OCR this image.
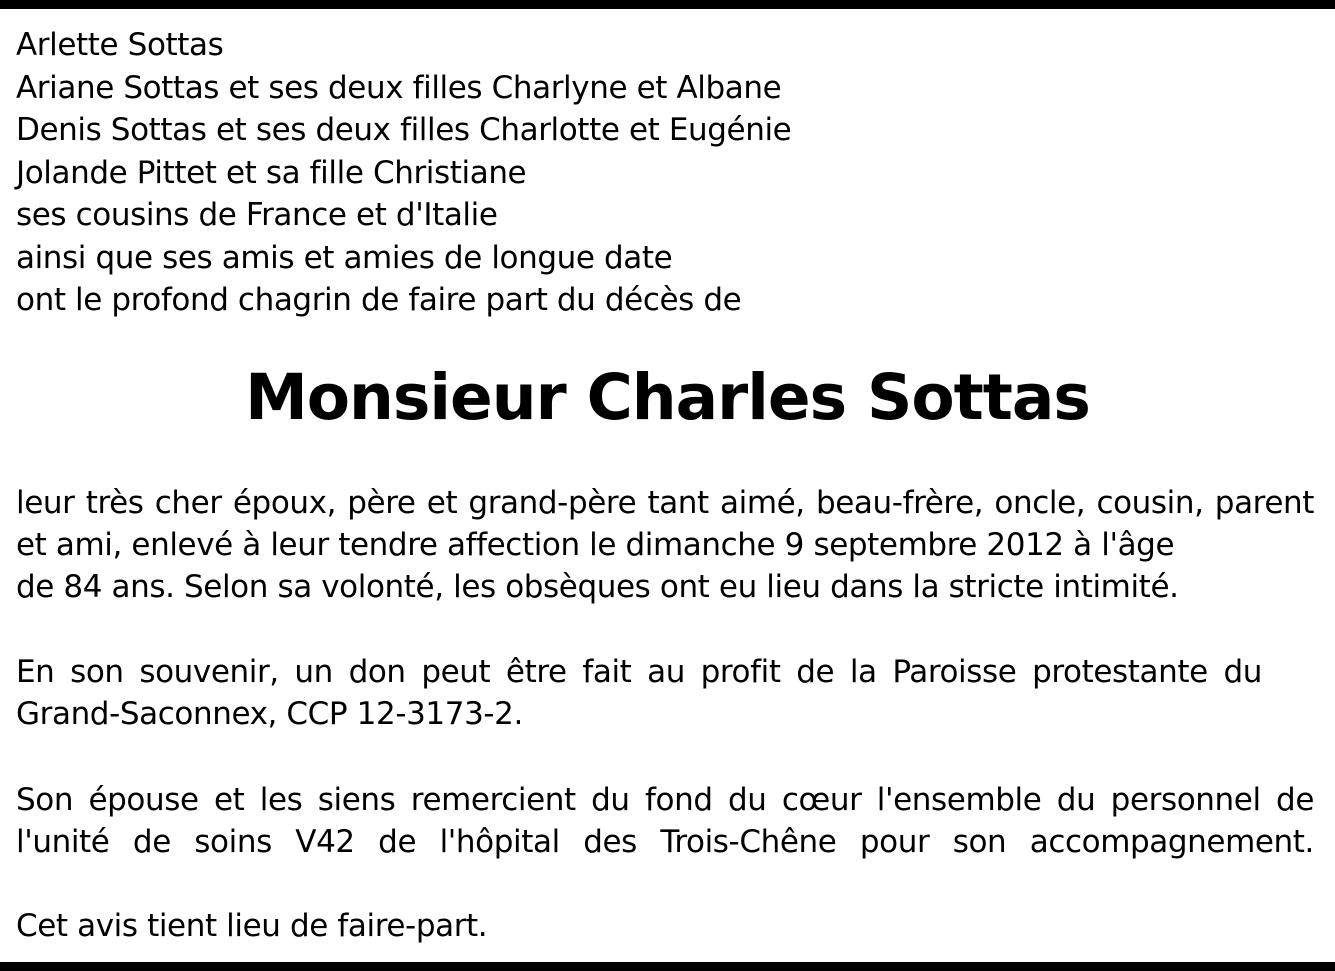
Arlette Sottas
Ariane Sottas et ses deux filles Charlyne et Albane
Denis Sottas et ses deux filles Charlotte et Eugénie
Jolande Pittet et sa fille Christiane
ses cousins de France et d'Italie
ainsi que ses amis et amies de longue date
ont le profond chagrin de faire part du décès de
Monsieur Charles Sottas
leur très cher époux, père et grand-père tant aimé, beau-frère, oncle, cousin, parent
et ami, enlevé à leur tendre affection le dimanche 9 septembre 2012 à l'âge
de 84 ans. Selon sa volonté, les obsèques ont eu lieu dans la stricte intimité.
En son souvenir, un don peut être fait au profit de la Paroisse protestante du
Grand-Saconnex, CCP 12-3173-2.
Son épouse et les siens remercient du fond du cœur l'ensemble du personnel de
l'unité de soins V42 de l'hôpital des Trois-Chêne pour son accompagnement.
Cet avis tient lieu de faire-part.
